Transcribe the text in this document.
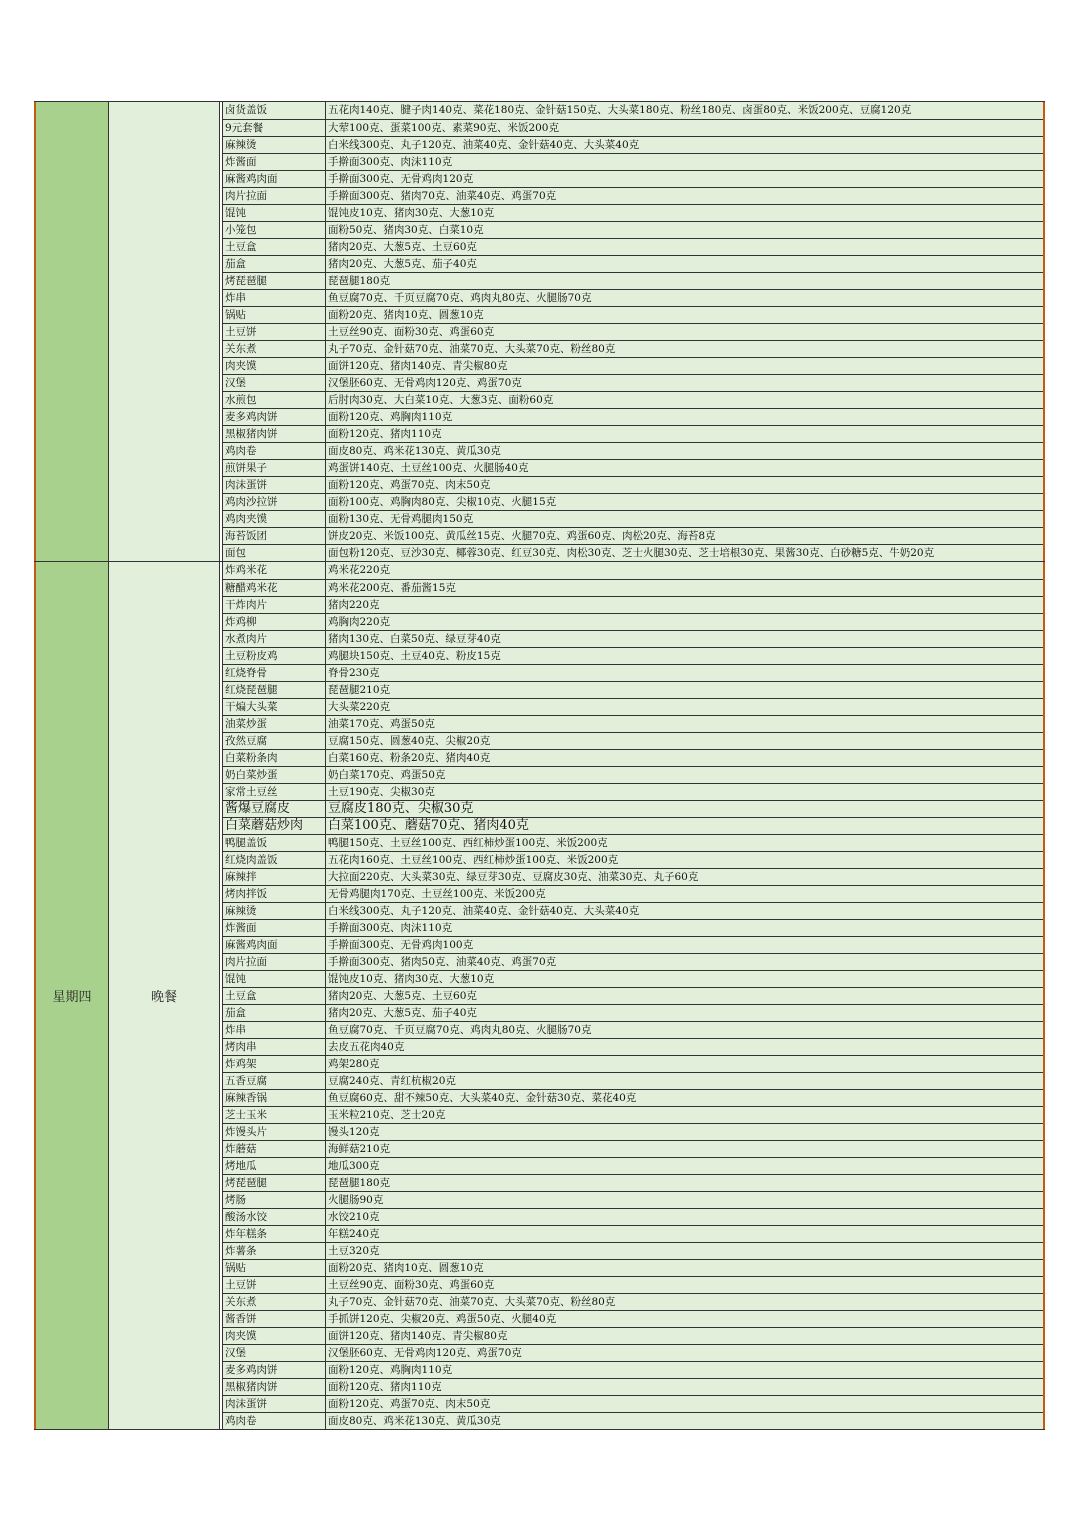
卤货盖饭	五花肉140克、腱子肉140克、菜花180克、金针菇150克、大头菜180克、粉丝180克、卤蛋80克、米饭200克、豆腐120克
9元套餐	大荤100克、蛋菜100克、素菜90克、米饭200克
麻辣烫	白米线300克、丸子120克、油菜40克、金针菇40克、大头菜40克
炸酱面	手擀面300克、肉沫110克
麻酱鸡肉面	手擀面300克、无骨鸡肉120克
肉片拉面	手擀面300克、猪肉70克、油菜40克、鸡蛋70克
馄饨	馄饨皮10克、猪肉30克、大葱10克
小笼包	面粉50克、猪肉30克、白菜10克
土豆盒	猪肉20克、大葱5克、土豆60克
茄盒	猪肉20克、大葱5克、茄子40克
烤琵琶腿	琵琶腿180克
炸串	鱼豆腐70克、千页豆腐70克、鸡肉丸80克、火腿肠70克
锅贴	面粉20克、猪肉10克、圆葱10克
土豆饼	土豆丝90克、面粉30克、鸡蛋60克
关东煮	丸子70克、金针菇70克、油菜70克、大头菜70克、粉丝80克
肉夹馍	面饼120克、猪肉140克、青尖椒80克
汉堡	汉堡胚60克、无骨鸡肉120克、鸡蛋70克
水煎包	后肘肉30克、大白菜10克、大葱3克、面粉60克
麦多鸡肉饼	面粉120克、鸡胸肉110克
黑椒猪肉饼	面粉120克、猪肉110克
鸡肉卷	面皮80克、鸡米花130克、黄瓜30克
煎饼果子	鸡蛋饼140克、土豆丝100克、火腿肠40克
肉沫蛋饼	面粉120克、鸡蛋70克、肉末50克
鸡肉沙拉饼	面粉100克、鸡胸肉80克、尖椒10克、火腿15克
鸡肉夹馍	面粉130克、无骨鸡腿肉150克
海苔饭团	饼皮20克、米饭100克、黄瓜丝15克、火腿70克、鸡蛋60克、肉松20克、海苔8克
面包	面包粉120克、豆沙30克、椰蓉30克、红豆30克、肉松30克、芝士火腿30克、芝士培根30克、果酱30克、白砂糖5克、牛奶20克
星期四	晚餐
炸鸡米花	鸡米花220克
糖醋鸡米花	鸡米花200克、番茄酱15克
干炸肉片	猪肉220克
炸鸡柳	鸡胸肉220克
水煮肉片	猪肉130克、白菜50克、绿豆芽40克
土豆粉皮鸡	鸡腿块150克、土豆40克、粉皮15克
红烧脊骨	脊骨230克
红烧琵琶腿	琵琶腿210克
干煸大头菜	大头菜220克
油菜炒蛋	油菜170克、鸡蛋50克
孜然豆腐	豆腐150克、圆葱40克、尖椒20克
白菜粉条肉	白菜160克、粉条20克、猪肉40克
奶白菜炒蛋	奶白菜170克、鸡蛋50克
家常土豆丝	土豆190克、尖椒30克
酱爆豆腐皮	豆腐皮180克、尖椒30克
白菜蘑菇炒肉	白菜100克、蘑菇70克、猪肉40克
鸭腿盖饭	鸭腿150克、土豆丝100克、西红柿炒蛋100克、米饭200克
红烧肉盖饭	五花肉160克、土豆丝100克、西红柿炒蛋100克、米饭200克
麻辣拌	大拉面220克、大头菜30克、绿豆芽30克、豆腐皮30克、油菜30克、丸子60克
烤肉拌饭	无骨鸡腿肉170克、土豆丝100克、米饭200克
麻辣烫	白米线300克、丸子120克、油菜40克、金针菇40克、大头菜40克
炸酱面	手擀面300克、肉沫110克
麻酱鸡肉面	手擀面300克、无骨鸡肉100克
肉片拉面	手擀面300克、猪肉50克、油菜40克、鸡蛋70克
馄饨	馄饨皮10克、猪肉30克、大葱10克
土豆盒	猪肉20克、大葱5克、土豆60克
茄盒	猪肉20克、大葱5克、茄子40克
炸串	鱼豆腐70克、千页豆腐70克、鸡肉丸80克、火腿肠70克
烤肉串	去皮五花肉40克
炸鸡架	鸡架280克
五香豆腐	豆腐240克、青红杭椒20克
麻辣香锅	鱼豆腐60克、甜不辣50克、大头菜40克、金针菇30克、菜花40克
芝士玉米	玉米粒210克、芝士20克
炸馒头片	馒头120克
炸蘑菇	海鲜菇210克
烤地瓜	地瓜300克
烤琵琶腿	琵琶腿180克
烤肠	火腿肠90克
酸汤水饺	水饺210克
炸年糕条	年糕240克
炸薯条	土豆320克
锅贴	面粉20克、猪肉10克、圆葱10克
土豆饼	土豆丝90克、面粉30克、鸡蛋60克
关东煮	丸子70克、金针菇70克、油菜70克、大头菜70克、粉丝80克
酱香饼	手抓饼120克、尖椒20克、鸡蛋50克、火腿40克
肉夹馍	面饼120克、猪肉140克、青尖椒80克
汉堡	汉堡胚60克、无骨鸡肉120克、鸡蛋70克
麦多鸡肉饼	面粉120克、鸡胸肉110克
黑椒猪肉饼	面粉120克、猪肉110克
肉沫蛋饼	面粉120克、鸡蛋70克、肉末50克
鸡肉卷	面皮80克、鸡米花130克、黄瓜30克
